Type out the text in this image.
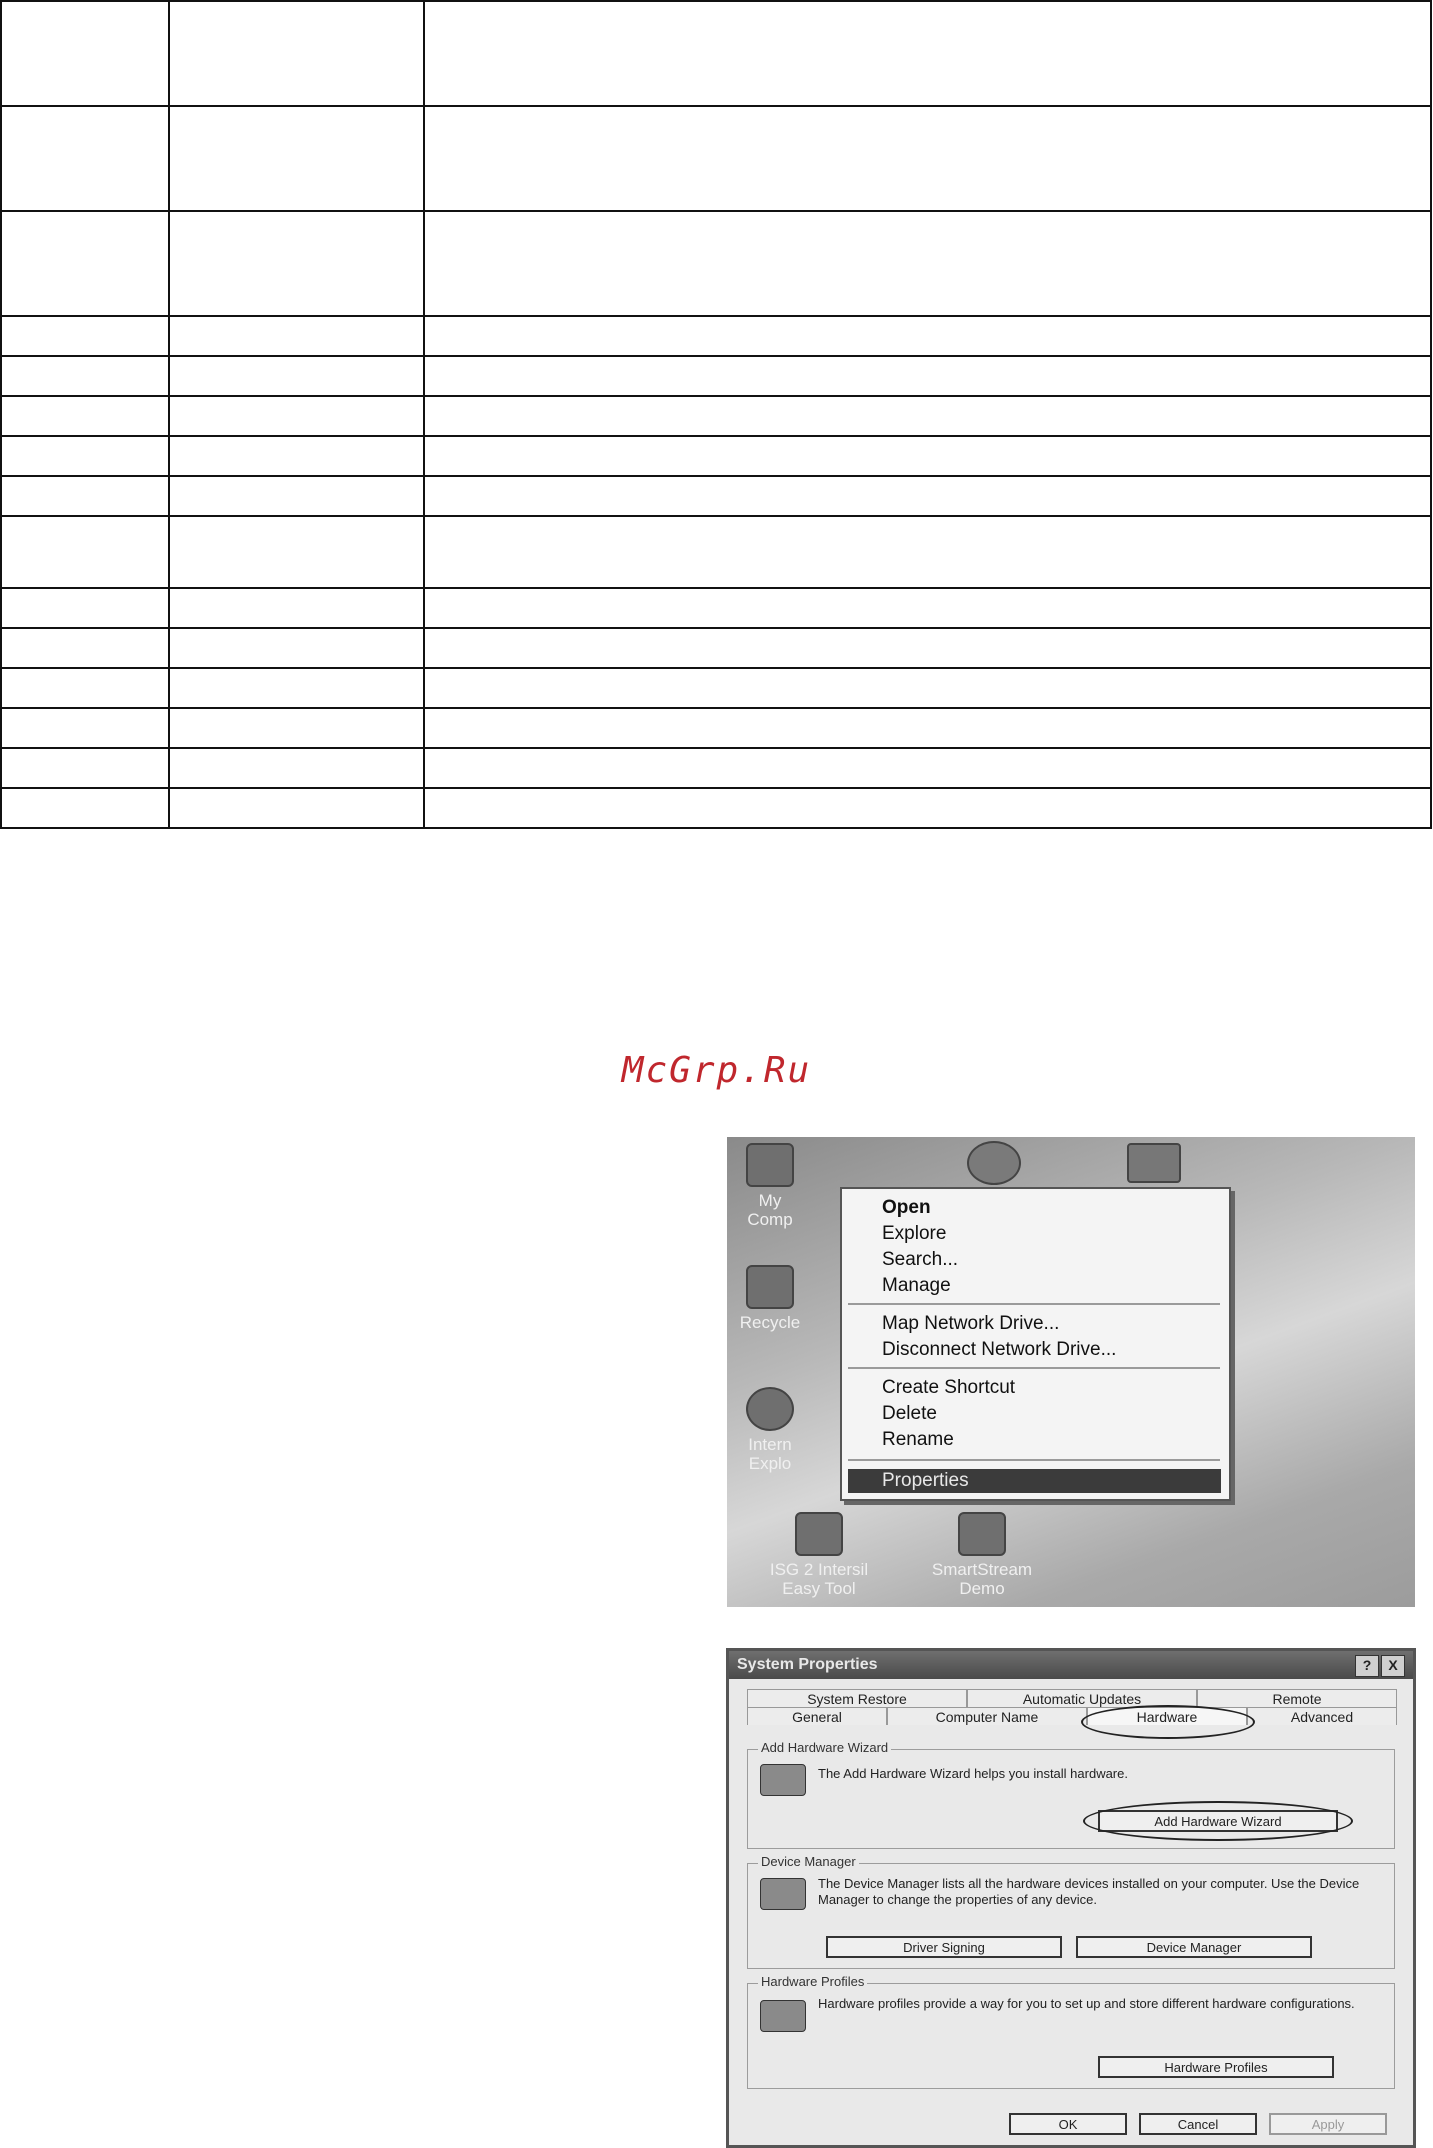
McGrp.Ru
My Comp
Recycle
Intern Explo
ISG 2 Intersil Easy Tool
SmartStream Demo
Open
Explore
Search...
Manage
Map Network Drive...
Disconnect Network Drive...
Create Shortcut
Delete
Rename
Properties
System Properties	?	X
System Restore	Automatic Updates	Remote
General	Computer Name	Hardware	Advanced
Add Hardware Wizard
The Add Hardware Wizard helps you install hardware.
Add Hardware Wizard
Device Manager
The Device Manager lists all the hardware devices installed on your computer. Use the Device Manager to change the properties of any device.
Driver Signing	Device Manager
Hardware Profiles
Hardware profiles provide a way for you to set up and store different hardware configurations.
Hardware Profiles
OK	Cancel	Apply
